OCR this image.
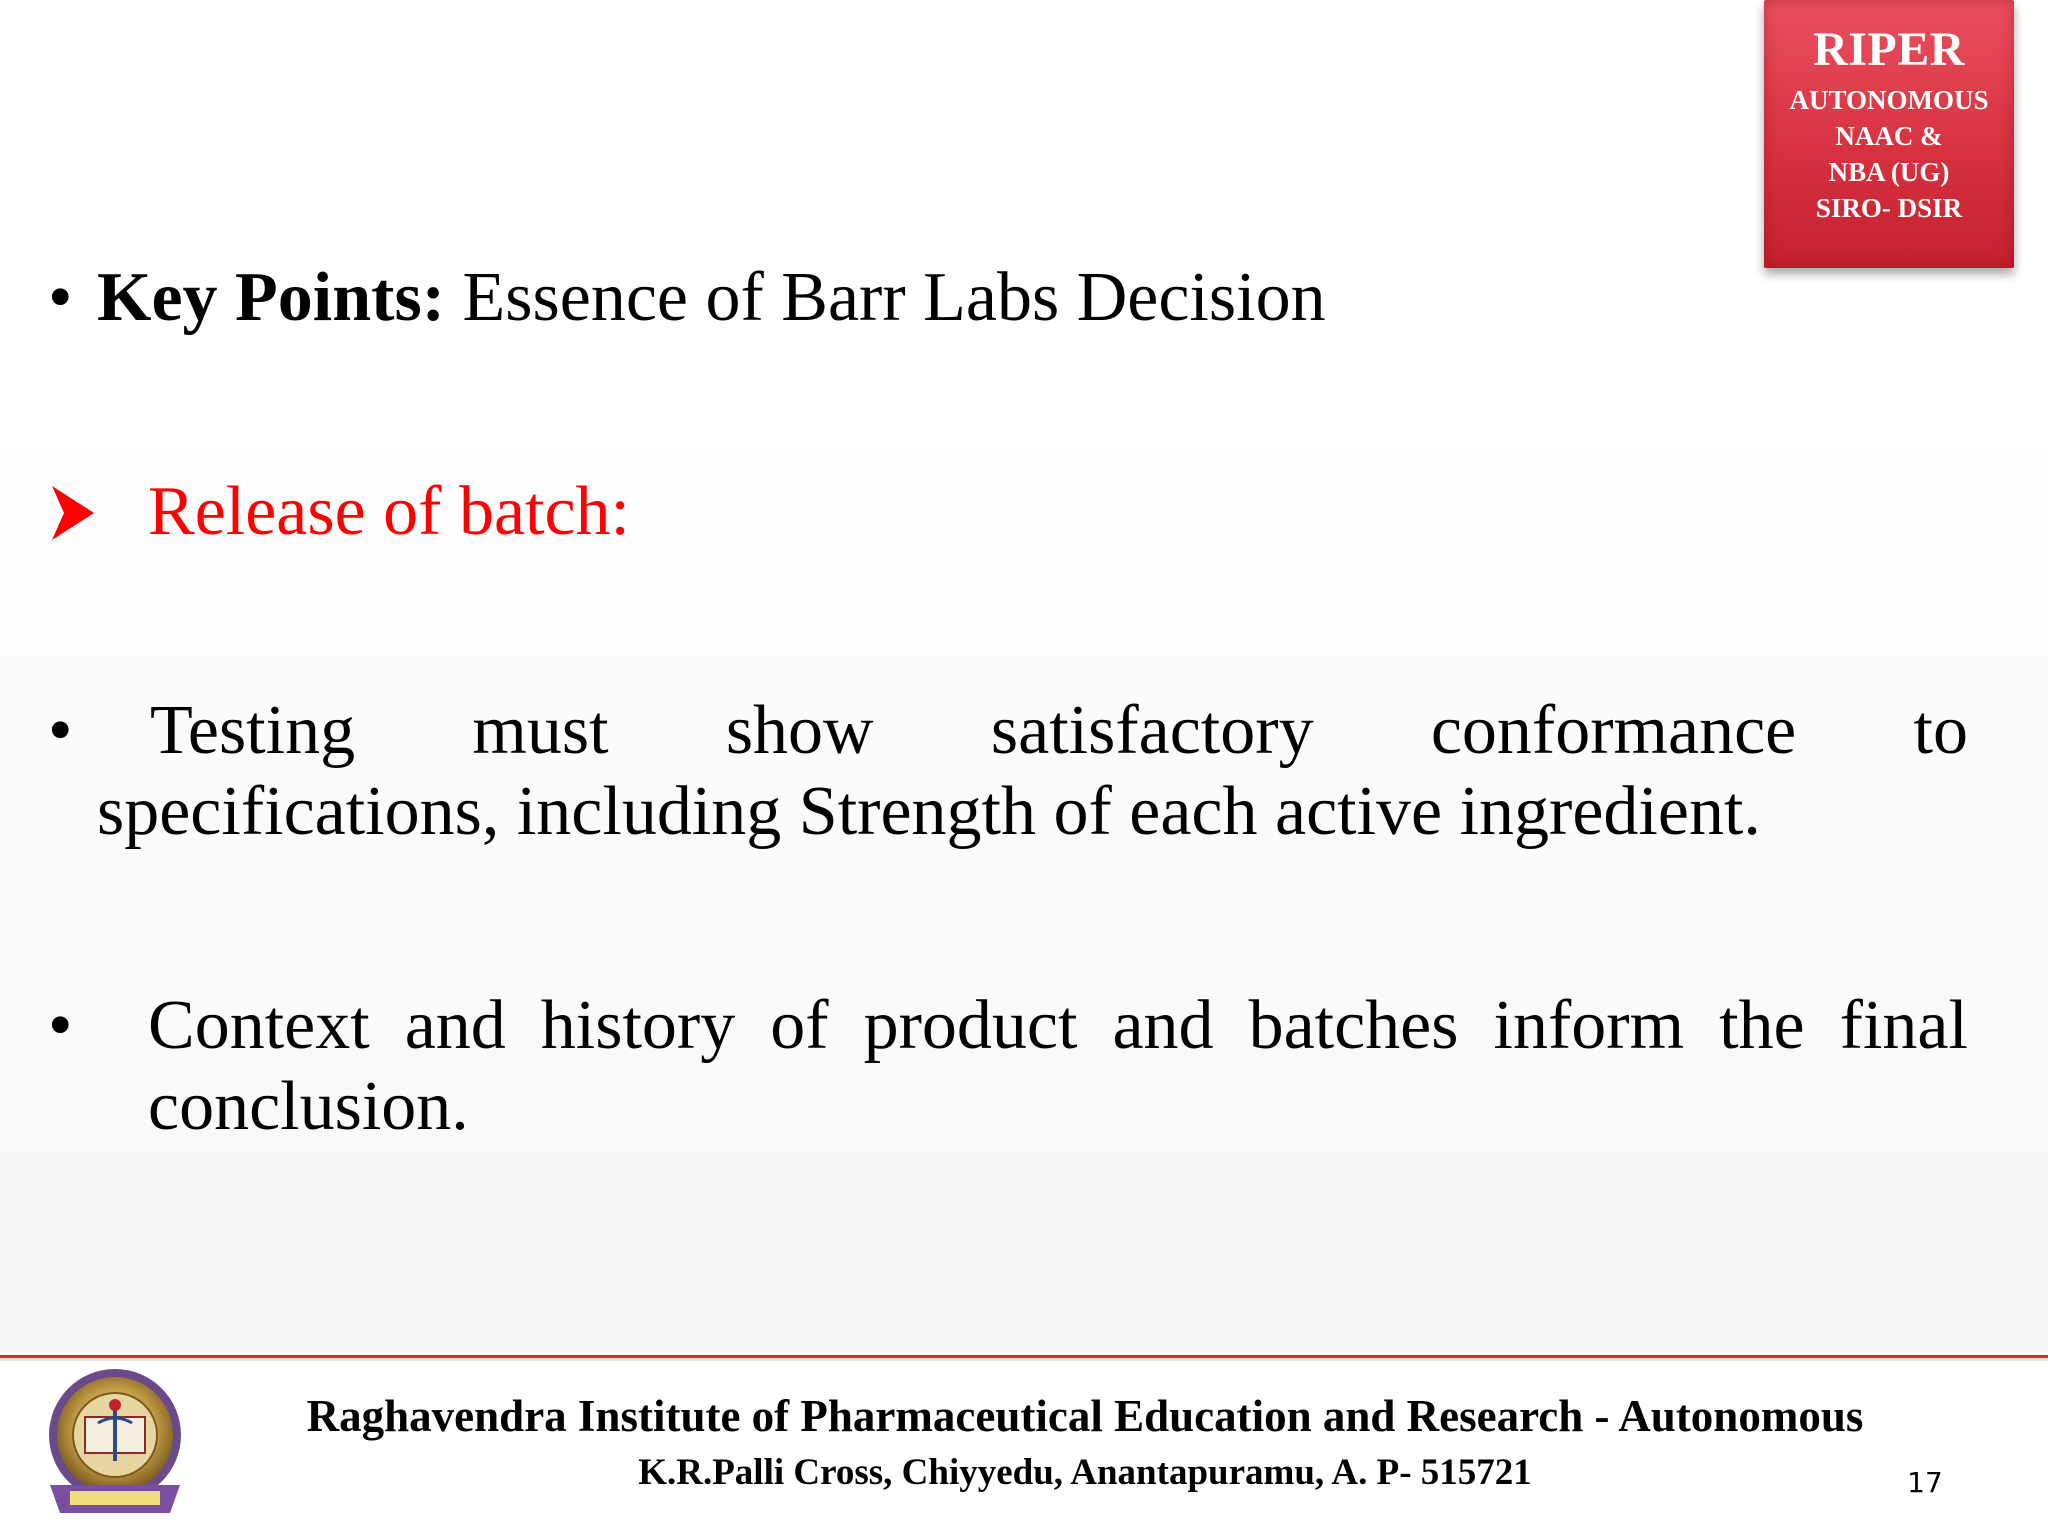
RIPER
AUTONOMOUS
NAAC &
NBA (UG)
SIRO- DSIR
• Key Points: Essence of Barr Labs Decision
Release of batch:
• Testing must show satisfactory conformance to
specifications, including Strength of each active ingredient.
• Context and history of product and batches inform the final
conclusion.
Raghavendra Institute of Pharmaceutical Education and Research - Autonomous
K.R.Palli Cross, Chiyyedu, Anantapuramu, A. P- 515721	17
